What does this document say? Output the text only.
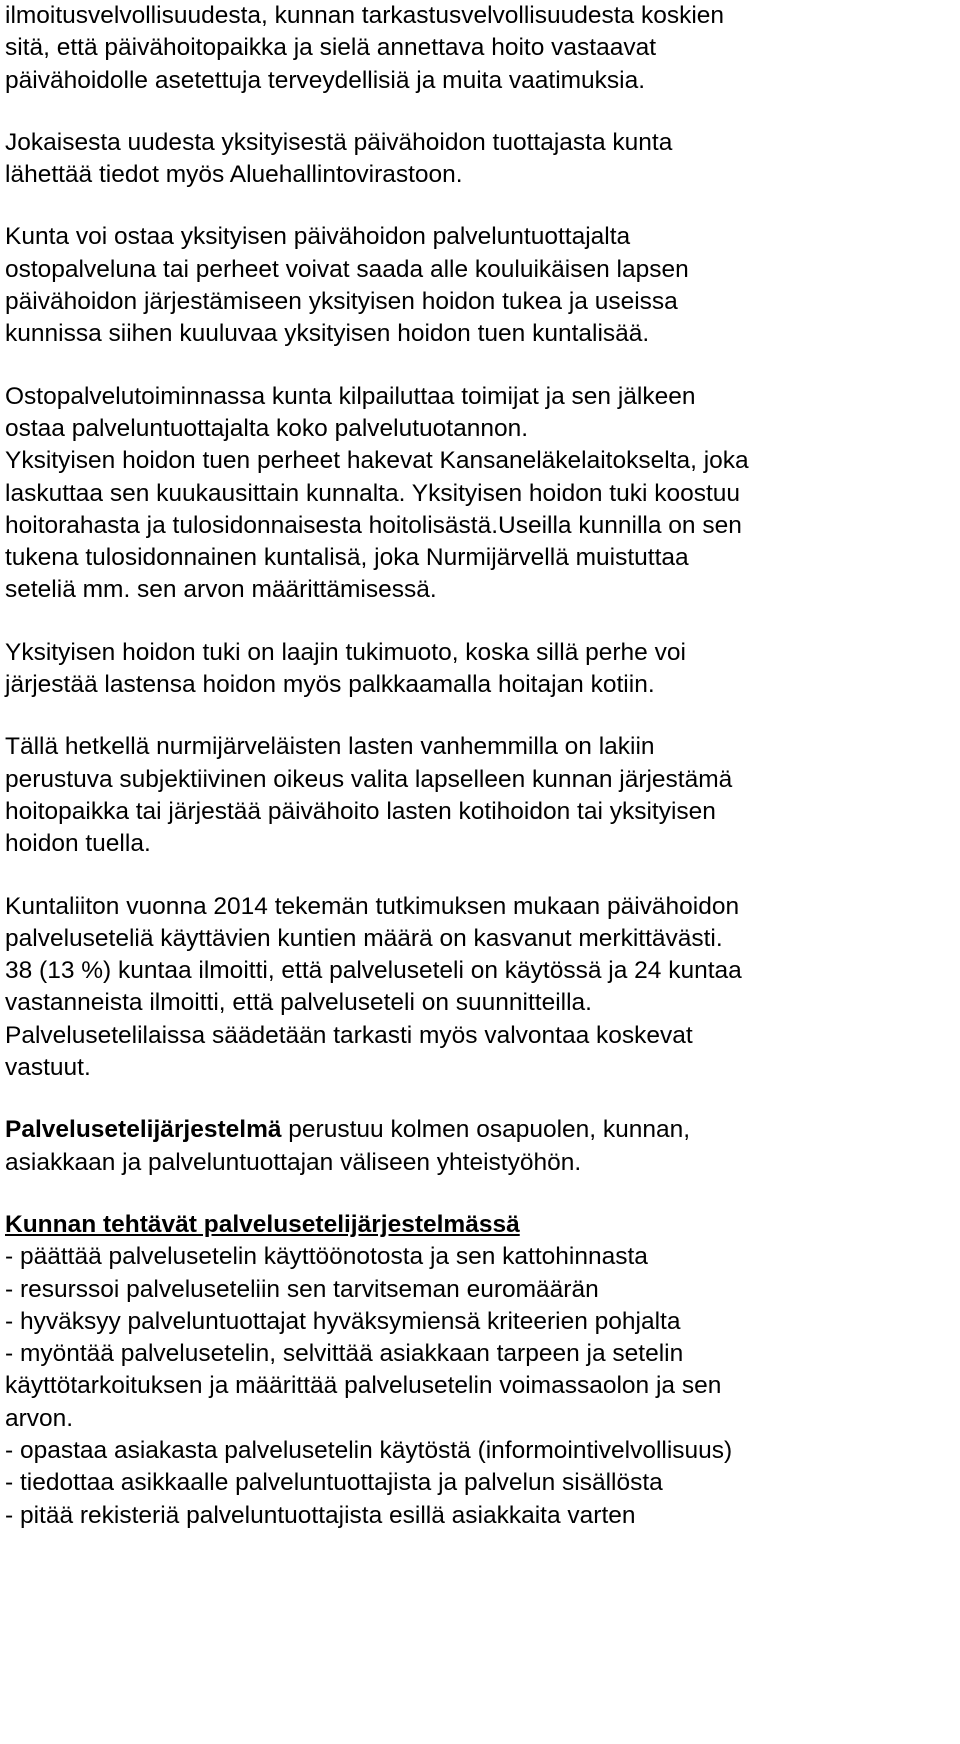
ilmoitusvelvollisuudesta, kunnan tarkastusvelvollisuudesta koskien
sitä, että päivähoitopaikka ja sielä annettava hoito vastaavat
päivähoidolle asetettuja terveydellisiä ja muita vaatimuksia.

Jokaisesta uudesta yksityisestä päivähoidon tuottajasta kunta
lähettää tiedot myös Aluehallintovirastoon.

Kunta voi ostaa yksityisen päivähoidon palveluntuottajalta
ostopalveluna tai perheet voivat saada alle kouluikäisen lapsen
päivähoidon järjestämiseen yksityisen hoidon tukea ja useissa
kunnissa siihen kuuluvaa yksityisen hoidon tuen kuntalisää.

Ostopalvelutoiminnassa kunta kilpailuttaa toimijat ja sen jälkeen
ostaa palveluntuottajalta koko palvelutuotannon.
Yksityisen hoidon tuen perheet hakevat Kansaneläkelaitokselta, joka
laskuttaa sen kuukausittain kunnalta. Yksityisen hoidon tuki koostuu
hoitorahasta ja tulosidonnaisesta hoitolisästä.Useilla kunnilla on sen
tukena tulosidonnainen kuntalisä, joka Nurmijärvellä muistuttaa
seteliä mm. sen arvon määrittämisessä.

Yksityisen hoidon tuki on laajin tukimuoto, koska sillä perhe voi
järjestää lastensa hoidon myös palkkaamalla hoitajan kotiin.

Tällä hetkellä nurmijärveläisten lasten vanhemmilla on lakiin
perustuva subjektiivinen oikeus valita lapselleen kunnan järjestämä
hoitopaikka tai järjestää päivähoito lasten kotihoidon tai yksityisen
hoidon tuella.

Kuntaliiton vuonna 2014 tekemän tutkimuksen mukaan päivähoidon
palveluseteliä käyttävien kuntien määrä on kasvanut merkittävästi.
38 (13 %) kuntaa ilmoitti, että palveluseteli on käytössä ja 24 kuntaa
vastanneista ilmoitti, että palveluseteli on suunnitteilla.
Palvelusetelilaissa säädetään tarkasti myös valvontaa koskevat
vastuut.

Palvelusetelijärjestelmä perustuu kolmen osapuolen, kunnan,
asiakkaan ja palveluntuottajan väliseen yhteistyöhön.

Kunnan tehtävät palvelusetelijärjestelmässä
- päättää palvelusetelin käyttöönotosta ja sen kattohinnasta
- resurssoi palveluseteliin sen tarvitseman euromäärän
- hyväksyy palveluntuottajat hyväksymiensä kriteerien pohjalta
- myöntää palvelusetelin, selvittää asiakkaan tarpeen ja setelin
käyttötarkoituksen ja määrittää palvelusetelin voimassaolon ja sen
arvon.
- opastaa asiakasta palvelusetelin käytöstä (informointivelvollisuus)
- tiedottaa asikkaalle palveluntuottajista ja palvelun sisällösta
- pitää rekisteriä palveluntuottajista esillä asiakkaita varten
